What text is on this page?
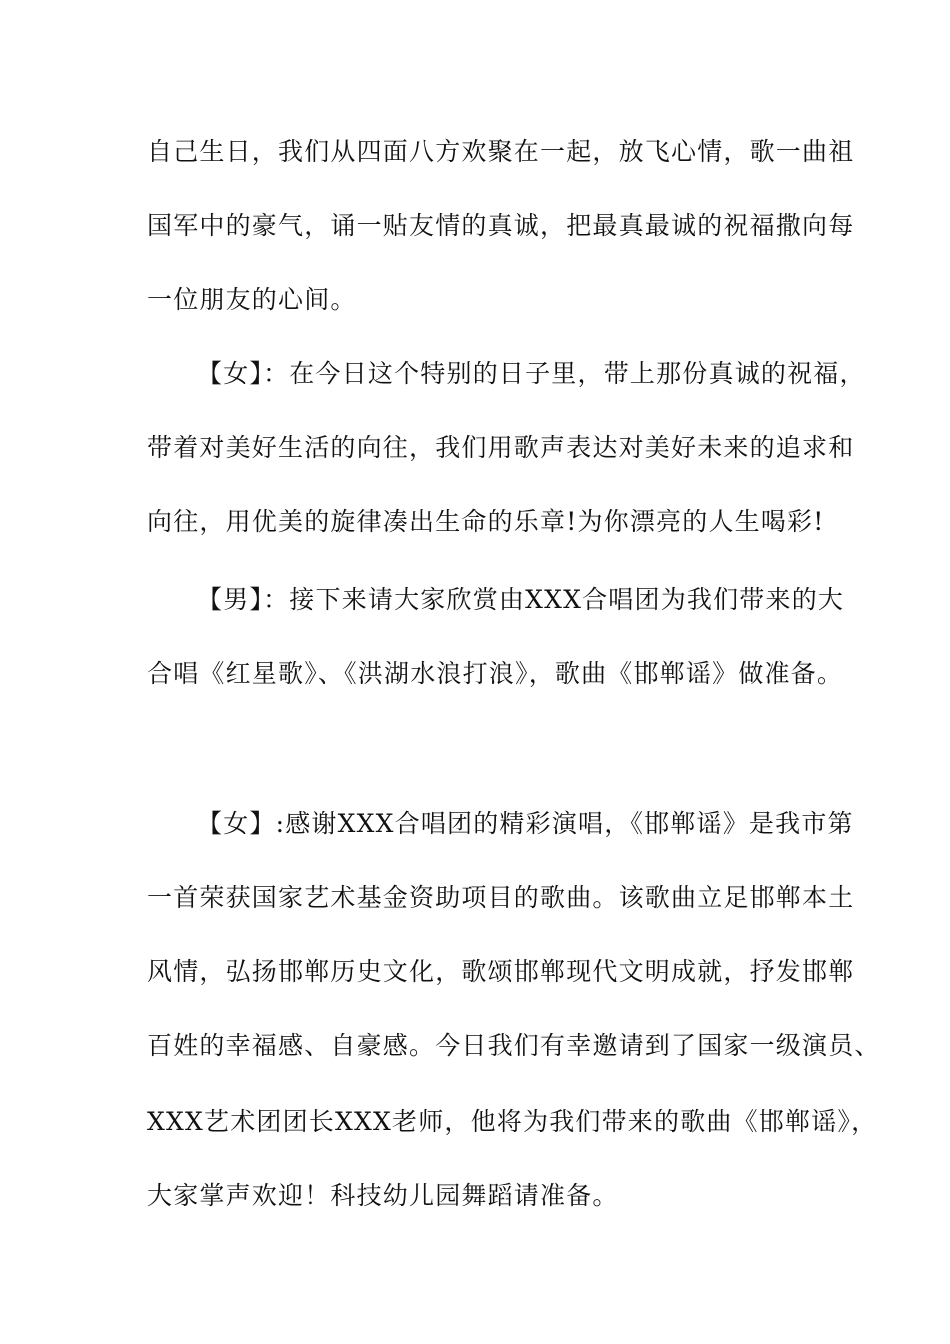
自己生日，我们从四面八方欢聚在一起，放飞心情，歌一曲祖
国军中的豪气，诵一贴友情的真诚，把最真最诚的祝福撒向每
一位朋友的心间。
【女】：在今日这个特别的日子里，带上那份真诚的祝福，
带着对美好生活的向往，我们用歌声表达对美好未来的追求和
向往，用优美的旋律凑出生命的乐章!为你漂亮的人生喝彩!
【男】：接下来请大家欣赏由XXX合唱团为我们带来的大
合唱《红星歌》、《洪湖水浪打浪》，歌曲《邯郸谣》做准备。
【女】:感谢XXX合唱团的精彩演唱，《邯郸谣》是我市第
一首荣获国家艺术基金资助项目的歌曲。该歌曲立足邯郸本土
风情，弘扬邯郸历史文化，歌颂邯郸现代文明成就，抒发邯郸
百姓的幸福感、自豪感。今日我们有幸邀请到了国家一级演员、
XXX艺术团团长XXX老师，他将为我们带来的歌曲《邯郸谣》，
大家掌声欢迎！科技幼儿园舞蹈请准备。
